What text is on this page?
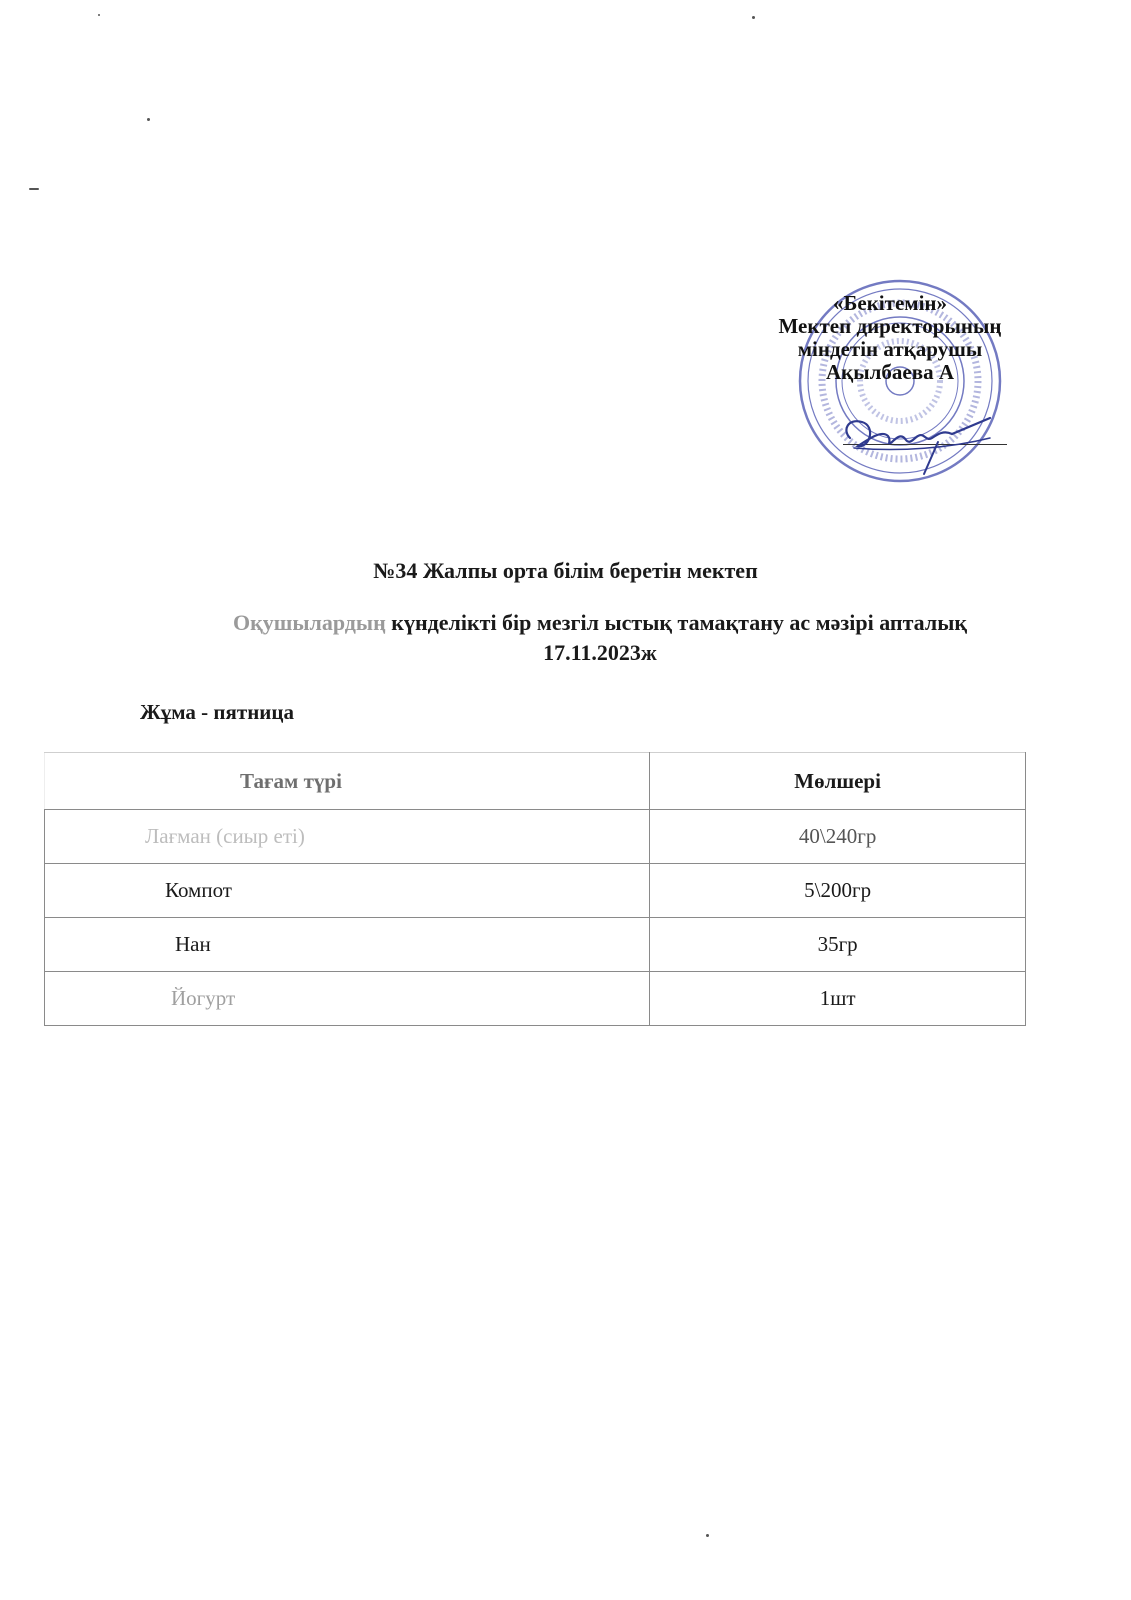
«Бекітемін»
Мектеп директорының
міндетін атқарушы
Ақылбаева А
№34 Жалпы орта білім беретін мектеп
Оқушылардың күнделікті бір мезгіл ыстық тамақтану ас мәзірі апталық
17.11.2023ж
Жұма - пятница
Тағам түрі	Мөлшері
Лағман (сиыр еті)	40\240гр
Компот	5\200гр
Нан	35гр
Йогурт	1шт
